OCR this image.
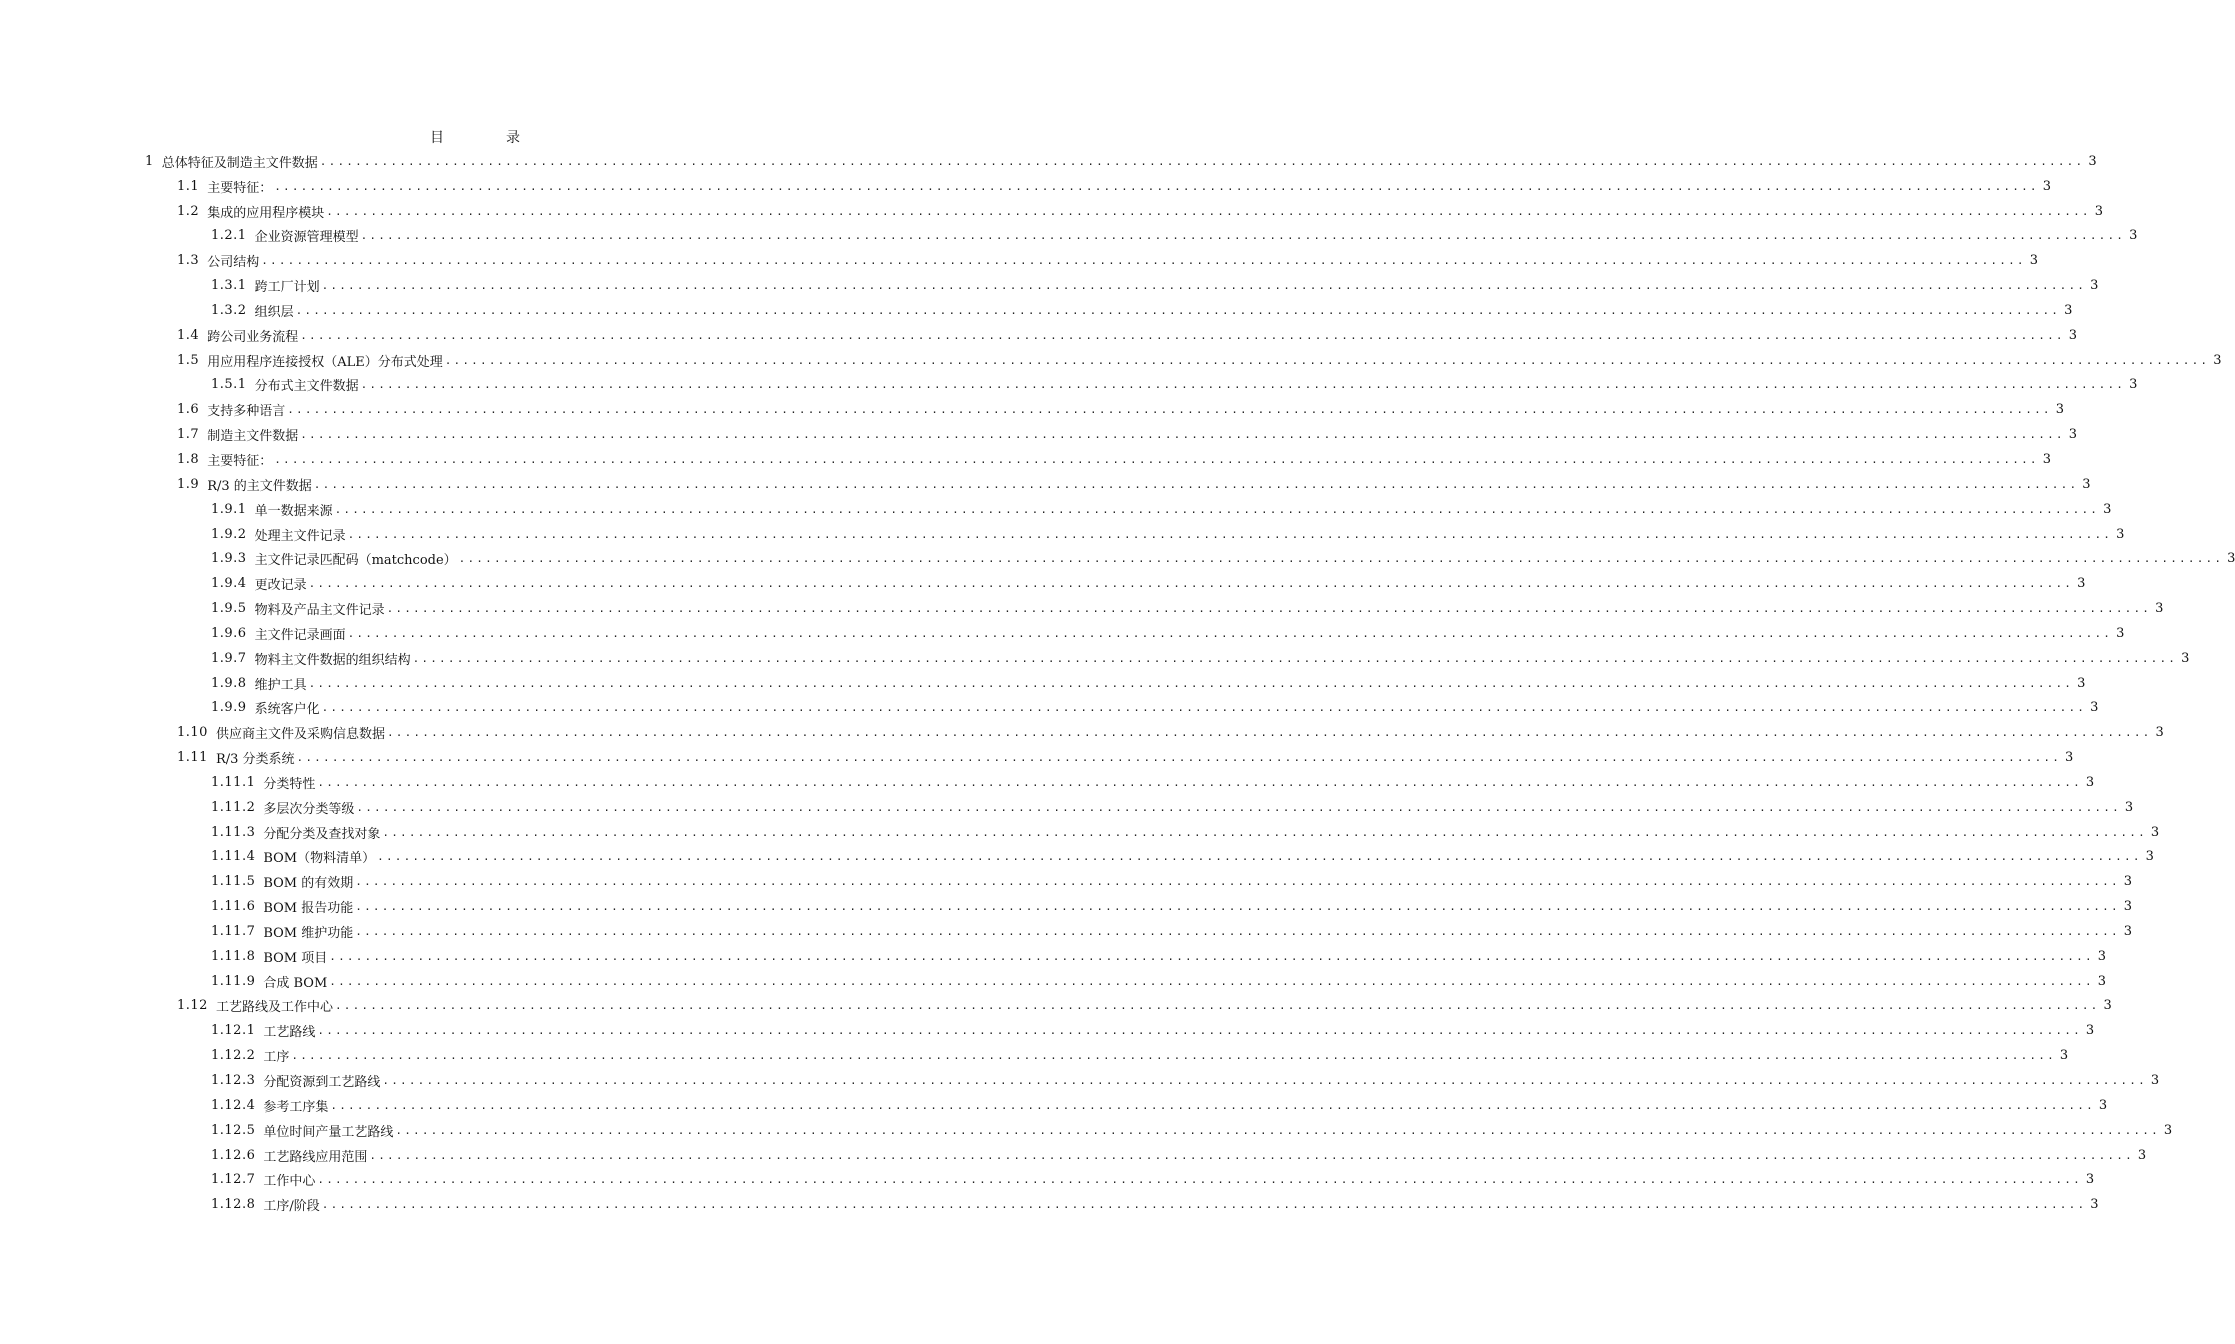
目录
1 总体特征及制造主文件数据 ........................................................................................................................................................................................................ 3
1.1 主要特征： ........................................................................................................................................................................................................ 3
1.2 集成的应用程序模块 ........................................................................................................................................................................................................ 3
1.2.1 企业资源管理模型 ........................................................................................................................................................................................................ 3
1.3 公司结构 ........................................................................................................................................................................................................ 3
1.3.1 跨工厂计划 ........................................................................................................................................................................................................ 3
1.3.2 组织层 ........................................................................................................................................................................................................ 3
1.4 跨公司业务流程 ........................................................................................................................................................................................................ 3
1.5 用应用程序连接授权（ALE）分布式处理 ........................................................................................................................................................................................................ 3
1.5.1 分布式主文件数据 ........................................................................................................................................................................................................ 3
1.6 支持多种语言 ........................................................................................................................................................................................................ 3
1.7 制造主文件数据 ........................................................................................................................................................................................................ 3
1.8 主要特征： ........................................................................................................................................................................................................ 3
1.9 R/3 的主文件数据 ........................................................................................................................................................................................................ 3
1.9.1 单一数据来源 ........................................................................................................................................................................................................ 3
1.9.2 处理主文件记录 ........................................................................................................................................................................................................ 3
1.9.3 主文件记录匹配码（matchcode） ........................................................................................................................................................................................................ 3
1.9.4 更改记录 ........................................................................................................................................................................................................ 3
1.9.5 物料及产品主文件记录 ........................................................................................................................................................................................................ 3
1.9.6 主文件记录画面 ........................................................................................................................................................................................................ 3
1.9.7 物料主文件数据的组织结构 ........................................................................................................................................................................................................ 3
1.9.8 维护工具 ........................................................................................................................................................................................................ 3
1.9.9 系统客户化 ........................................................................................................................................................................................................ 3
1.10 供应商主文件及采购信息数据 ........................................................................................................................................................................................................ 3
1.11 R/3 分类系统 ........................................................................................................................................................................................................ 3
1.11.1 分类特性 ........................................................................................................................................................................................................ 3
1.11.2 多层次分类等级 ........................................................................................................................................................................................................ 3
1.11.3 分配分类及查找对象 ........................................................................................................................................................................................................ 3
1.11.4 BOM（物料清单） ........................................................................................................................................................................................................ 3
1.11.5 BOM 的有效期 ........................................................................................................................................................................................................ 3
1.11.6 BOM 报告功能 ........................................................................................................................................................................................................ 3
1.11.7 BOM 维护功能 ........................................................................................................................................................................................................ 3
1.11.8 BOM 项目 ........................................................................................................................................................................................................ 3
1.11.9 合成 BOM ........................................................................................................................................................................................................ 3
1.12 工艺路线及工作中心 ........................................................................................................................................................................................................ 3
1.12.1 工艺路线 ........................................................................................................................................................................................................ 3
1.12.2 工序 ........................................................................................................................................................................................................ 3
1.12.3 分配资源到工艺路线 ........................................................................................................................................................................................................ 3
1.12.4 参考工序集 ........................................................................................................................................................................................................ 3
1.12.5 单位时间产量工艺路线 ........................................................................................................................................................................................................ 3
1.12.6 工艺路线应用范围 ........................................................................................................................................................................................................ 3
1.12.7 工作中心 ........................................................................................................................................................................................................ 3
1.12.8 工序/阶段 ........................................................................................................................................................................................................ 3
